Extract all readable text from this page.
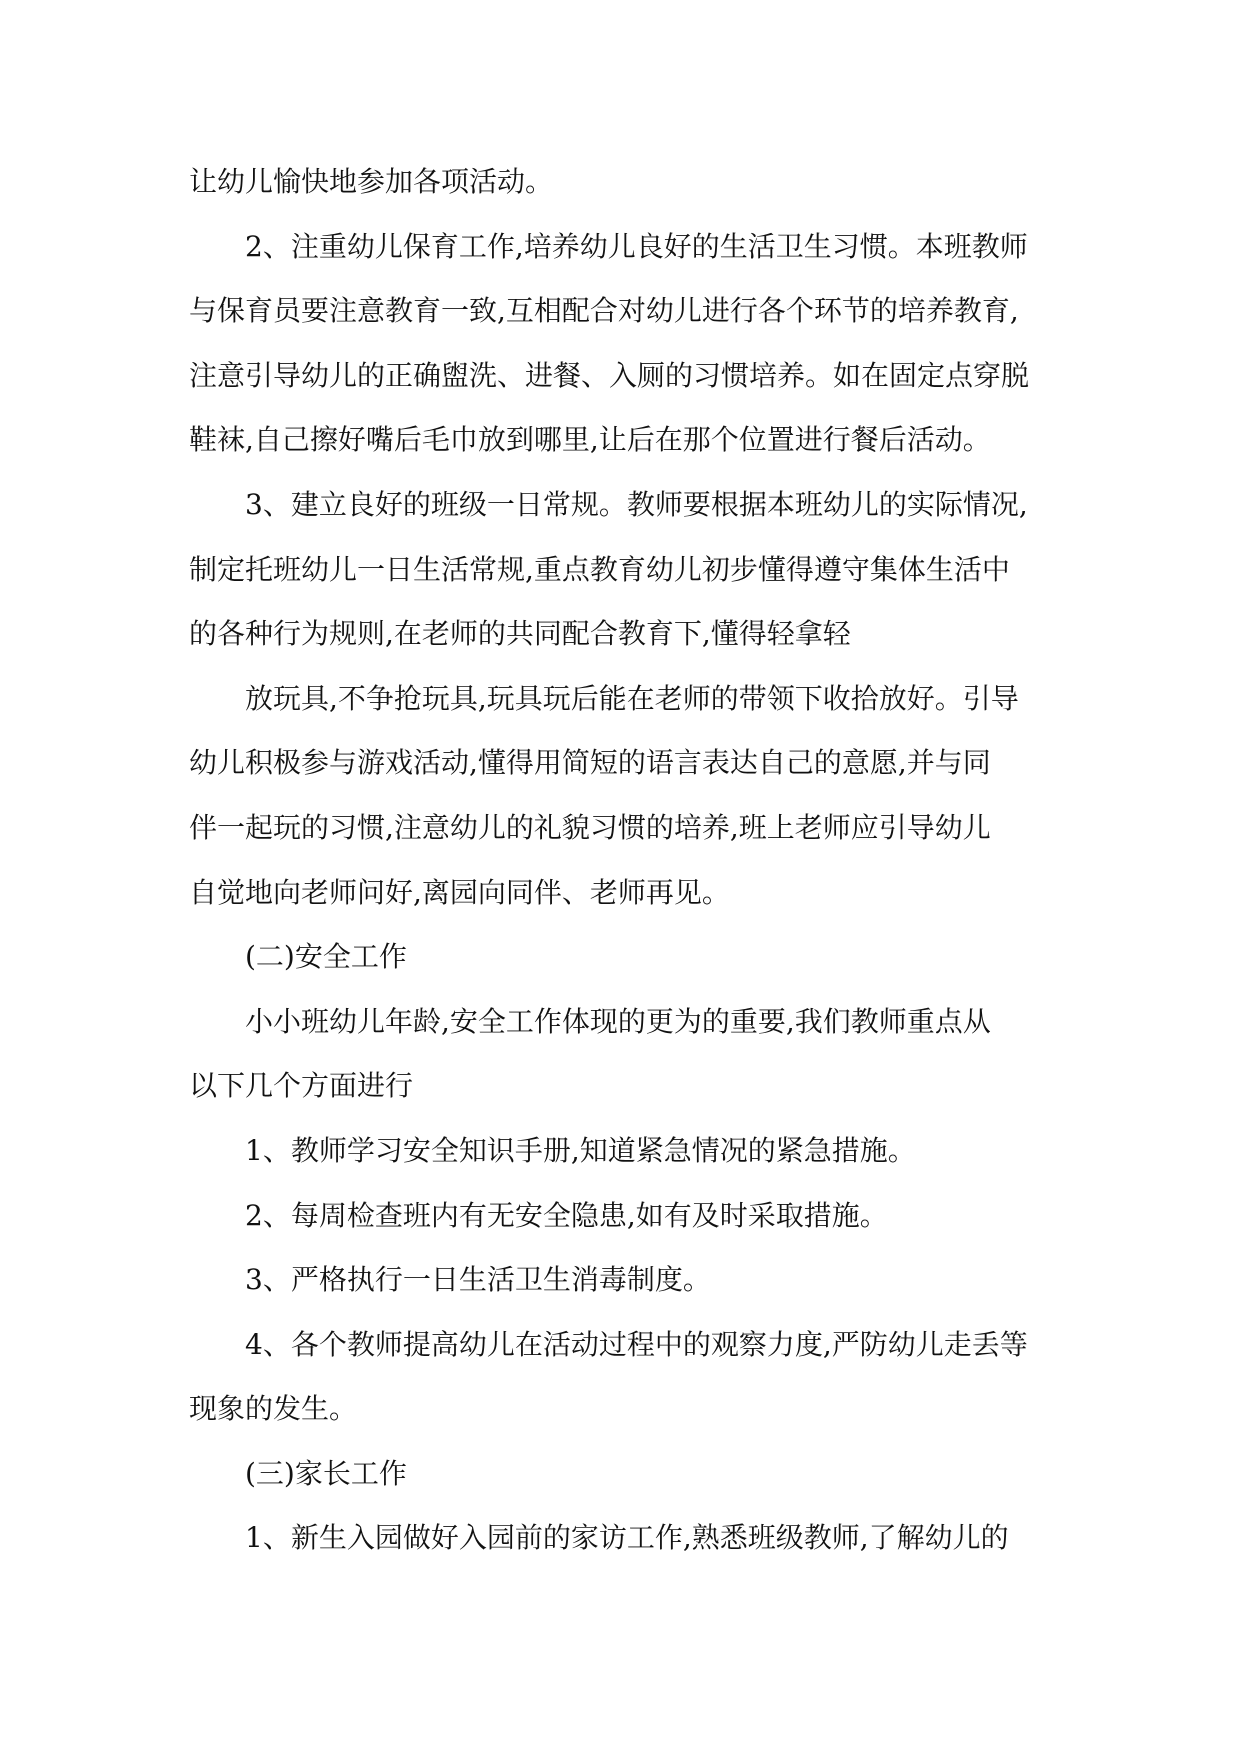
让幼儿愉快地参加各项活动。
2、注重幼儿保育工作,培养幼儿良好的生活卫生习惯。本班教师
与保育员要注意教育一致,互相配合对幼儿进行各个环节的培养教育,
注意引导幼儿的正确盥洗、进餐、入厕的习惯培养。如在固定点穿脱
鞋袜,自己擦好嘴后毛巾放到哪里,让后在那个位置进行餐后活动。
3、建立良好的班级一日常规。教师要根据本班幼儿的实际情况,
制定托班幼儿一日生活常规,重点教育幼儿初步懂得遵守集体生活中
的各种行为规则,在老师的共同配合教育下,懂得轻拿轻
放玩具,不争抢玩具,玩具玩后能在老师的带领下收拾放好。引导
幼儿积极参与游戏活动,懂得用简短的语言表达自己的意愿,并与同
伴一起玩的习惯,注意幼儿的礼貌习惯的培养,班上老师应引导幼儿
自觉地向老师问好,离园向同伴、老师再见。
(二)安全工作
小小班幼儿年龄,安全工作体现的更为的重要,我们教师重点从
以下几个方面进行
1、教师学习安全知识手册,知道紧急情况的紧急措施。
2、每周检查班内有无安全隐患,如有及时采取措施。
3、严格执行一日生活卫生消毒制度。
4、各个教师提高幼儿在活动过程中的观察力度,严防幼儿走丢等
现象的发生。
(三)家长工作
1、新生入园做好入园前的家访工作,熟悉班级教师,了解幼儿的
